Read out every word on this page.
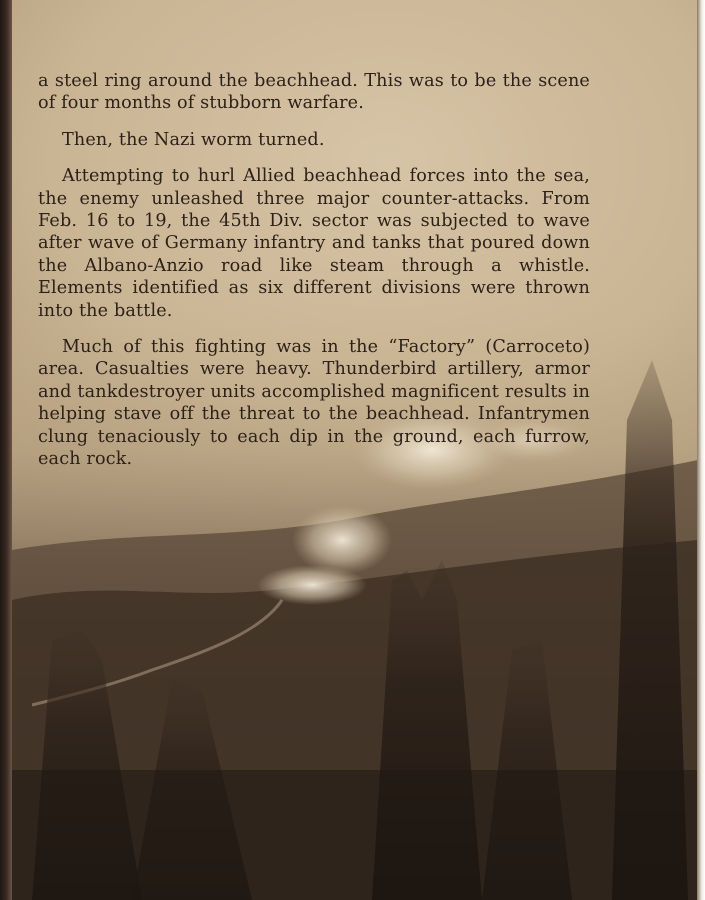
a steel ring around the beachhead. This was to be the scene of four months of stubborn warfare.

Then, the Nazi worm turned.

Attempting to hurl Allied beachhead forces into the sea, the enemy unleashed three major counter-attacks. From Feb. 16 to 19, the 45th Div. sector was subjected to wave after wave of Germany infantry and tanks that poured down the Albano-Anzio road like steam through a whistle. Elements identified as six different divisions were thrown into the battle.

Much of this fighting was in the “Factory” (Carroceto) area. Casualties were heavy. Thunderbird artillery, armor and tankdestroyer units accomplished magnificent results in helping stave off the threat to the beachhead. Infantrymen clung tenaciously to each dip in the ground, each furrow, each rock.
